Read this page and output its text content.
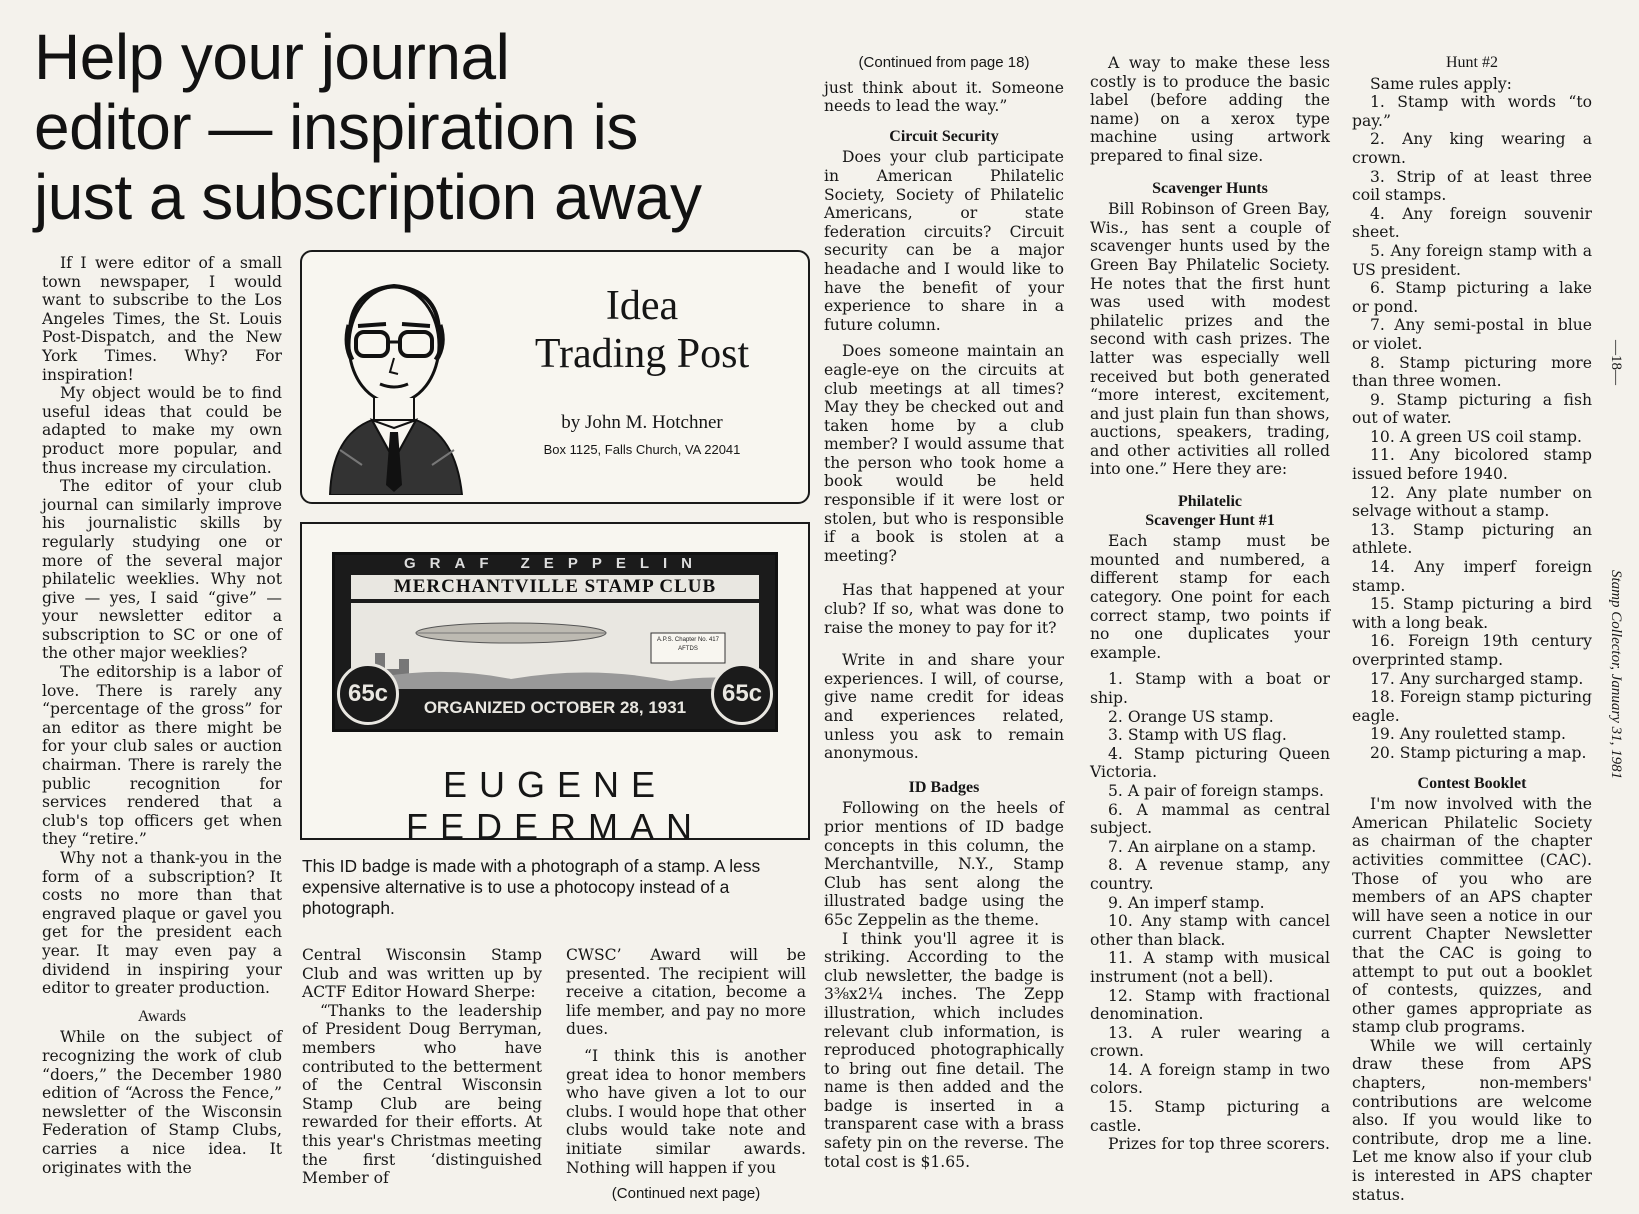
Help your journal
editor — inspiration is
just a subscription away
Idea
Trading Post
by John M. Hotchner
Box 1125, Falls Church, VA 22041
GRAF ZEPPELIN
MERCHANTVILLE STAMP CLUB
A.P.S. Chapter No. 417 AFTDS
65c	65c
ORGANIZED OCTOBER 28, 1931
EUGENE FEDERMAN
This ID badge is made with a photograph of a stamp. A less expensive alternative is to use a photocopy instead of a photograph.

If I were editor of a small town newspaper, I would want to subscribe to the Los Angeles Times, the St. Louis Post-Dispatch, and the New York Times. Why? For inspiration!

My object would be to find useful ideas that could be adapted to make my own product more popular, and thus increase my circulation.

The editor of your club journal can similarly improve his journalistic skills by regularly studying one or more of the several major philatelic weeklies. Why not give — yes, I said “give” — your newsletter editor a subscription to SC or one of the other major weeklies?

The editorship is a labor of love. There is rarely any “percentage of the gross” for an editor as there might be for your club sales or auction chairman. There is rarely the public recognition for services rendered that a club's top officers get when they “retire.”

Why not a thank-you in the form of a subscription? It costs no more than that engraved plaque or gavel you get for the president each year. It may even pay a dividend in inspiring your editor to greater production.

Awards

While on the subject of recognizing the work of club “doers,” the December 1980 edition of “Across the Fence,” newsletter of the Wisconsin Federation of Stamp Clubs, carries a nice idea. It originates with the

Central Wisconsin Stamp Club and was written up by ACTF Editor Howard Sherpe:

“Thanks to the leadership of President Doug Berryman, members who have contributed to the betterment of the Central Wisconsin Stamp Club are being rewarded for their efforts. At this year's Christmas meeting the first ‘distinguished Member of

CWSC’ Award will be presented. The recipient will receive a citation, become a life member, and pay no more dues.

“I think this is another great idea to honor members who have given a lot to our clubs. I would hope that other clubs would take note and initiate similar awards. Nothing will happen if you

(Continued next page)

(Continued from page 18)

just think about it. Someone needs to lead the way.”

Circuit Security

Does your club participate in American Philatelic Society, Society of Philatelic Americans, or state federation circuits? Circuit security can be a major headache and I would like to have the benefit of your experience to share in a future column.

Does someone maintain an eagle-eye on the circuits at club meetings at all times? May they be checked out and taken home by a club member? I would assume that the person who took home a book would be held responsible if it were lost or stolen, but who is responsible if a book is stolen at a meeting?

Has that happened at your club? If so, what was done to raise the money to pay for it?

Write in and share your experiences. I will, of course, give name credit for ideas and experiences related, unless you ask to remain anonymous.

ID Badges

Following on the heels of prior mentions of ID badge concepts in this column, the Merchantville, N.Y., Stamp Club has sent along the illustrated badge using the 65c Zeppelin as the theme.

I think you'll agree it is striking. According to the club newsletter, the badge is 3⅜x2¼ inches. The Zepp illustration, which includes relevant club information, is reproduced photographically to bring out fine detail. The name is then added and the badge is inserted in a transparent case with a brass safety pin on the reverse. The total cost is $1.65.

A way to make these less costly is to produce the basic label (before adding the name) on a xerox type machine using artwork prepared to final size.

Scavenger Hunts

Bill Robinson of Green Bay, Wis., has sent a couple of scavenger hunts used by the Green Bay Philatelic Society. He notes that the first hunt was used with modest philatelic prizes and the second with cash prizes. The latter was especially well received but both generated “more interest, excitement, and just plain fun than shows, auctions, speakers, trading, and other activities all rolled into one.” Here they are:

Philatelic
Scavenger Hunt #1

Each stamp must be mounted and numbered, a different stamp for each category. One point for each correct stamp, two points if no one duplicates your example.

1. Stamp with a boat or ship.
2. Orange US stamp.
3. Stamp with US flag.
4. Stamp picturing Queen Victoria.
5. A pair of foreign stamps.
6. A mammal as central subject.
7. An airplane on a stamp.
8. A revenue stamp, any country.
9. An imperf stamp.
10. Any stamp with cancel other than black.
11. A stamp with musical instrument (not a bell).
12. Stamp with fractional denomination.
13. A ruler wearing a crown.
14. A foreign stamp in two colors.
15. Stamp picturing a castle.

Prizes for top three scorers.

Hunt #2

Same rules apply:

1. Stamp with words “to pay.”
2. Any king wearing a crown.
3. Strip of at least three coil stamps.
4. Any foreign souvenir sheet.
5. Any foreign stamp with a US president.
6. Stamp picturing a lake or pond.
7. Any semi-postal in blue or violet.
8. Stamp picturing more than three women.
9. Stamp picturing a fish out of water.
10. A green US coil stamp.
11. Any bicolored stamp issued before 1940.
12. Any plate number on selvage without a stamp.
13. Stamp picturing an athlete.
14. Any imperf foreign stamp.
15. Stamp picturing a bird with a long beak.
16. Foreign 19th century overprinted stamp.
17. Any surcharged stamp.
18. Foreign stamp picturing eagle.
19. Any rouletted stamp.
20. Stamp picturing a map.
Contest Booklet

I'm now involved with the American Philatelic Society as chairman of the chapter activities committee (CAC). Those of you who are members of an APS chapter will have seen a notice in our current Chapter Newsletter that the CAC is going to attempt to put out a booklet of contests, quizzes, and other games appropriate as stamp club programs.

While we will certainly draw these from APS chapters, non-members' contributions are welcome also. If you would like to contribute, drop me a line. Let me know also if your club is interested in APS chapter status.

—18—
Stamp Collector, January 31, 1981
